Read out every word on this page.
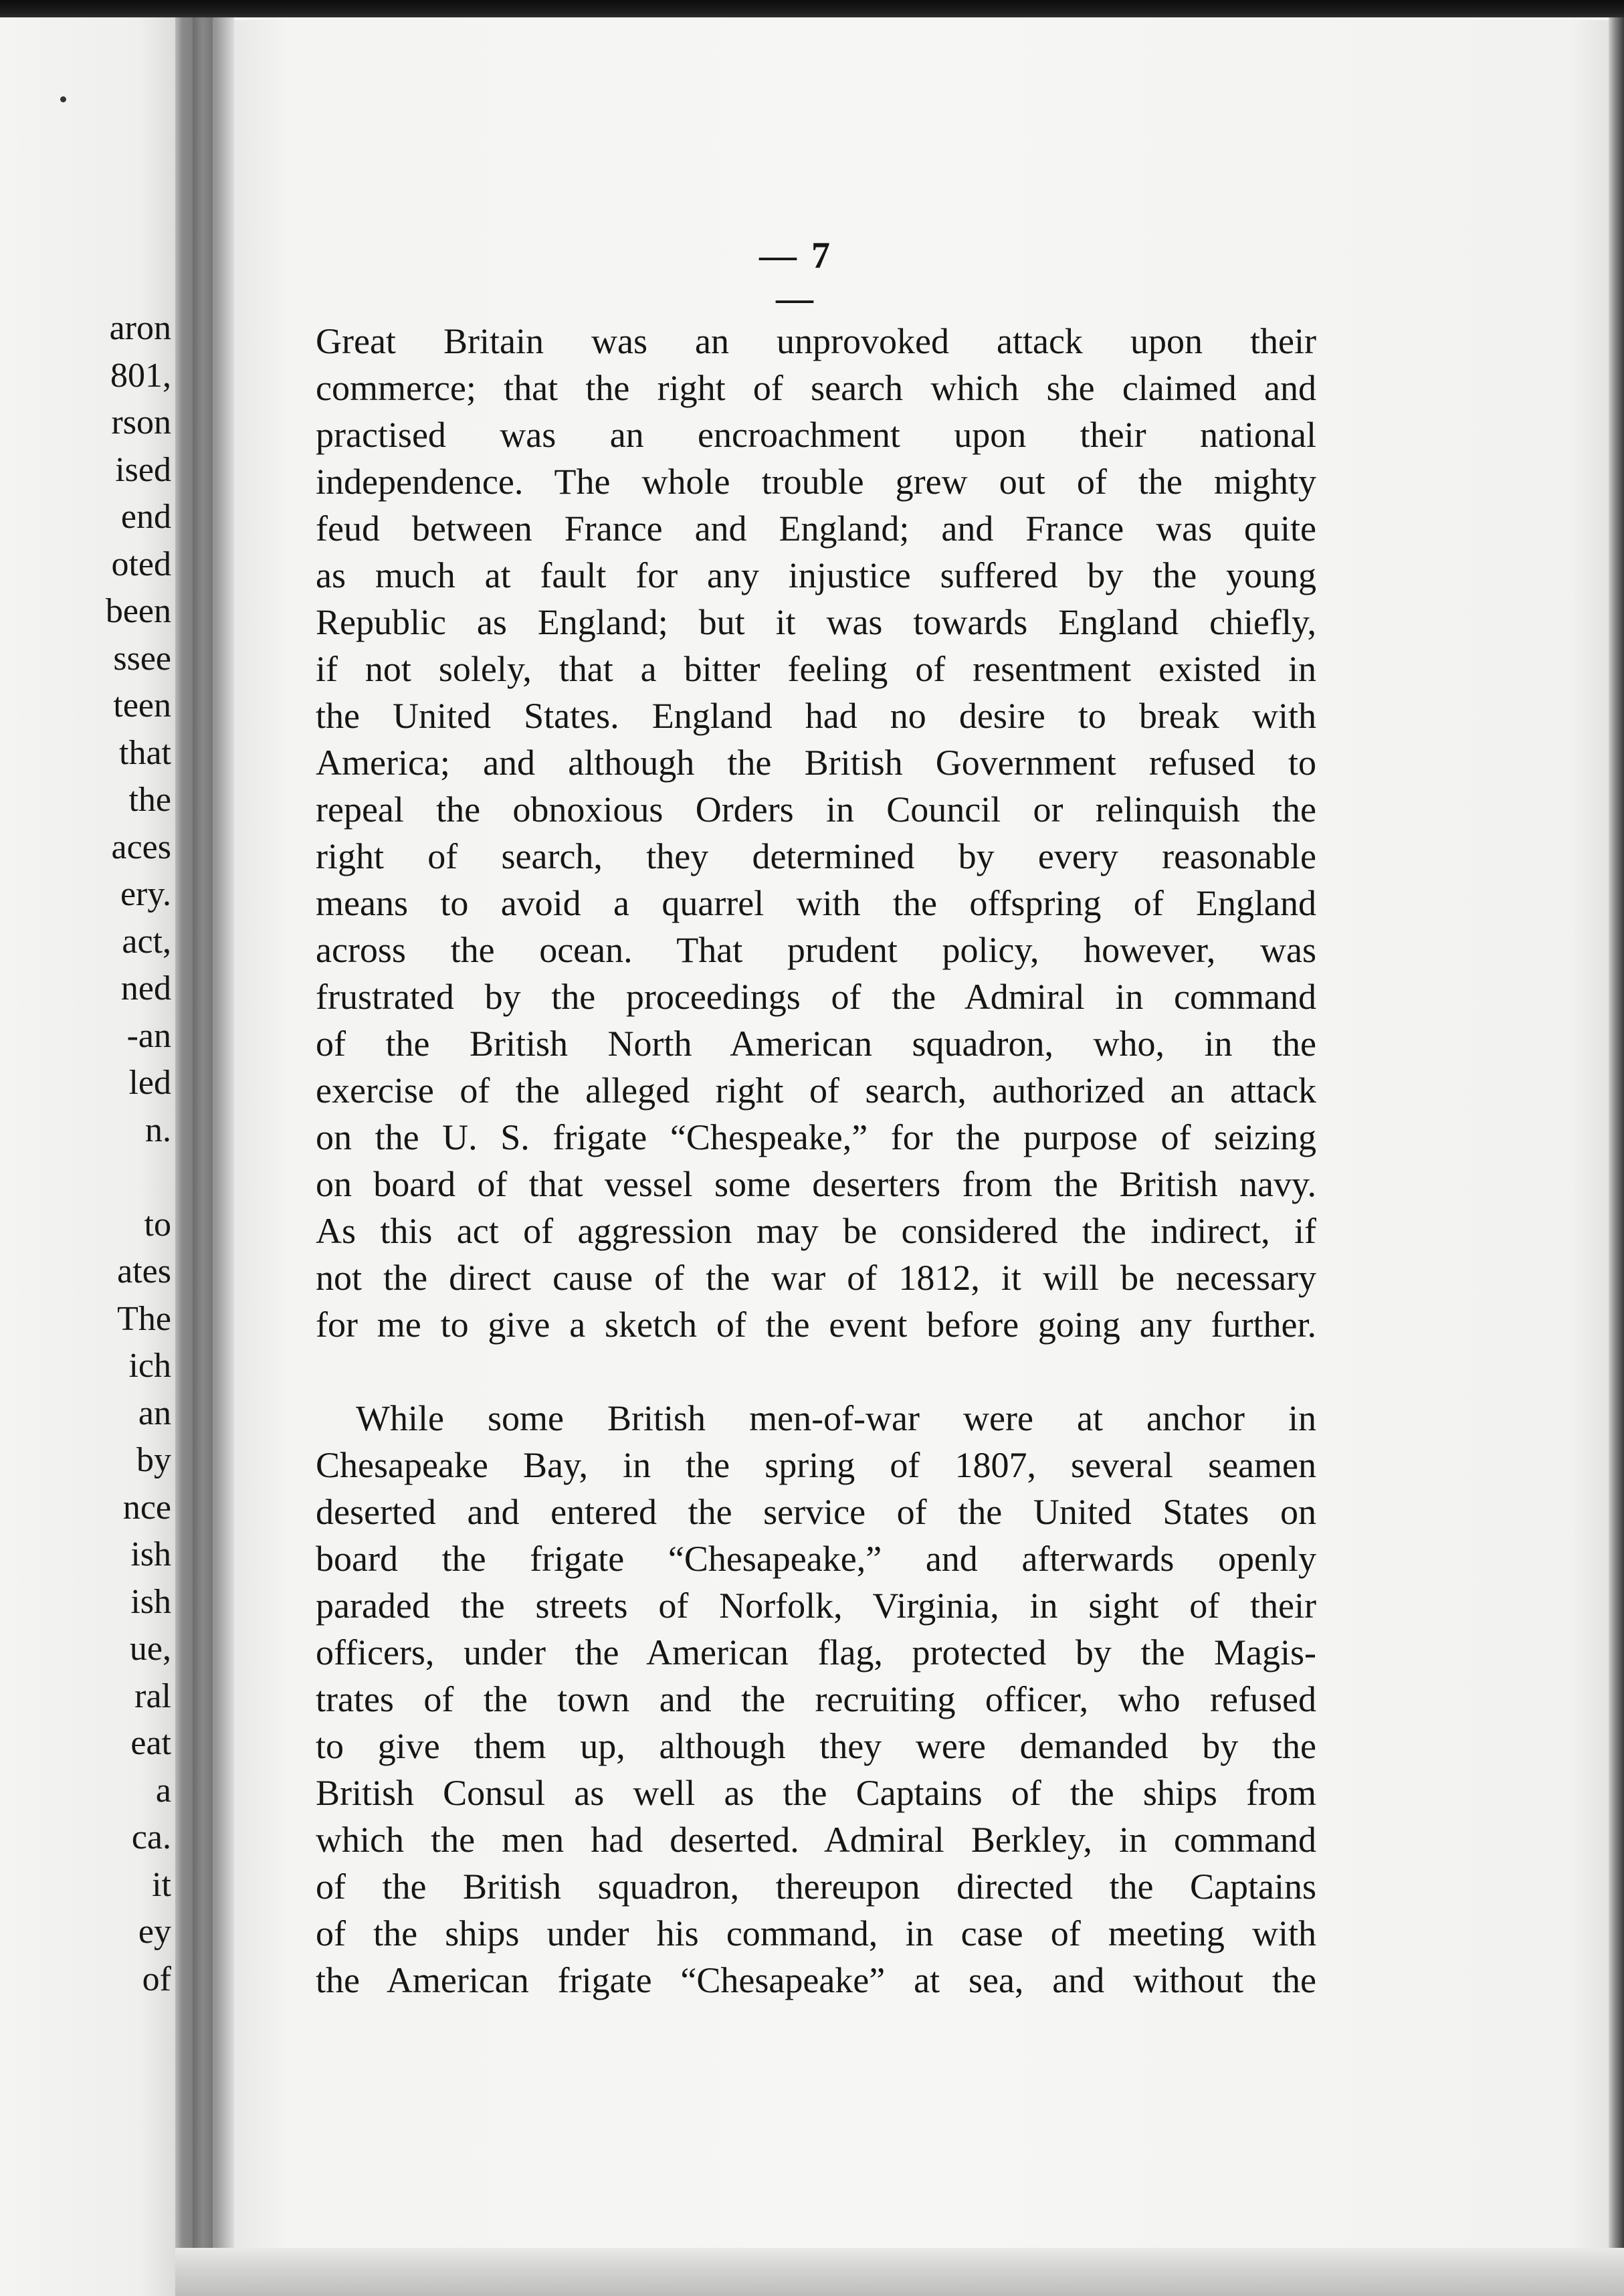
aron
801,
rson
ised
end
oted
been
ssee
teen
that
the
aces
ery.
act,
ned
-an
led
n.
to
ates
The
ich
an
by
nce
ish
ish
ue,
ral
eat
a
ca.
it
ey
of
— 7 —
Great Britain was an unprovoked attack upon their
commerce; that the right of search which she claimed and
practised was an encroachment upon their national
independence. The whole trouble grew out of the mighty
feud between France and England; and France was quite
as much at fault for any injustice suffered by the young
Republic as England; but it was towards England chiefly,
if not solely, that a bitter feeling of resentment existed in
the United States. England had no desire to break with
America; and although the British Government refused to
repeal the obnoxious Orders in Council or relinquish the
right of search, they determined by every reasonable
means to avoid a quarrel with the offspring of England
across the ocean. That prudent policy, however, was
frustrated by the proceedings of the Admiral in command
of the British North American squadron, who, in the
exercise of the alleged right of search, authorized an attack
on the U. S. frigate “Chespeake,” for the purpose of seizing
on board of that vessel some deserters from the British navy.
As this act of aggression may be considered the indirect, if
not the direct cause of the war of 1812, it will be necessary
for me to give a sketch of the event before going any further.
While some British men-of-war were at anchor in
Chesapeake Bay, in the spring of 1807, several seamen
deserted and entered the service of the United States on
board the frigate “Chesapeake,” and afterwards openly
paraded the streets of Norfolk, Virginia, in sight of their
officers, under the American flag, protected by the Magis-
trates of the town and the recruiting officer, who refused
to give them up, although they were demanded by the
British Consul as well as the Captains of the ships from
which the men had deserted. Admiral Berkley, in command
of the British squadron, thereupon directed the Captains
of the ships under his command, in case of meeting with
the American frigate “Chesapeake” at sea, and without the
